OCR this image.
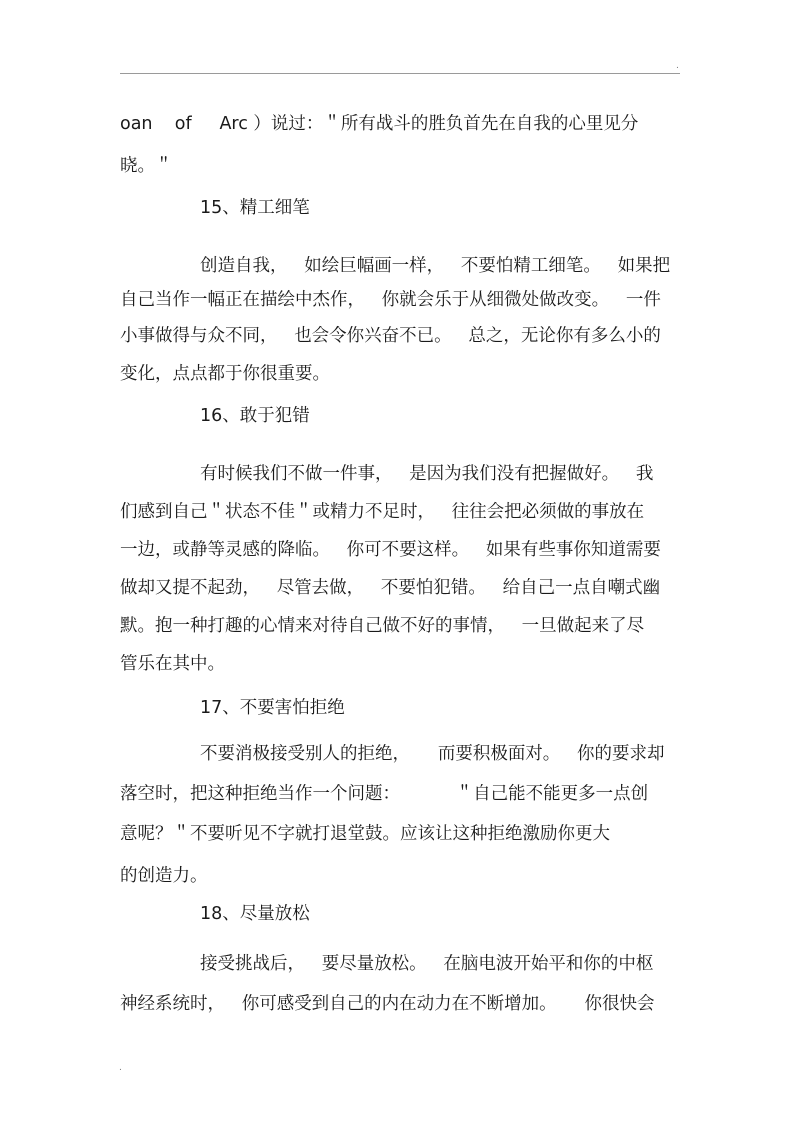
.
oan    of     Arc ）说过：＂所有战斗的胜负首先在自我的心里见分
晓。＂
15、精工细笔
创造自我，   如绘巨幅画一样，   不要怕精工细笔。   如果把
自己当作一幅正在描绘中杰作，   你就会乐于从细微处做改变。   一件
小事做得与众不同，   也会令你兴奋不已。   总之，无论你有多么小的
变化，点点都于你很重要。
16、敢于犯错
有时候我们不做一件事，   是因为我们没有把握做好。   我
们感到自己＂状态不佳＂或精力不足时，   往往会把必须做的事放在
一边，或静等灵感的降临。   你可不要这样。   如果有些事你知道需要
做却又提不起劲，   尽管去做，   不要怕犯错。   给自己一点自嘲式幽
默。抱一种打趣的心情来对待自己做不好的事情，   一旦做起来了尽
管乐在其中。
17、不要害怕拒绝
不要消极接受别人的拒绝，     而要积极面对。   你的要求却
落空时，把这种拒绝当作一个问题：          ＂自己能不能更多一点创
意呢？＂不要听见不字就打退堂鼓。应该让这种拒绝激励你更大
的创造力。
18、尽量放松
接受挑战后，   要尽量放松。   在脑电波开始平和你的中枢
神经系统时，   你可感受到自己的内在动力在不断增加。     你很快会
.
